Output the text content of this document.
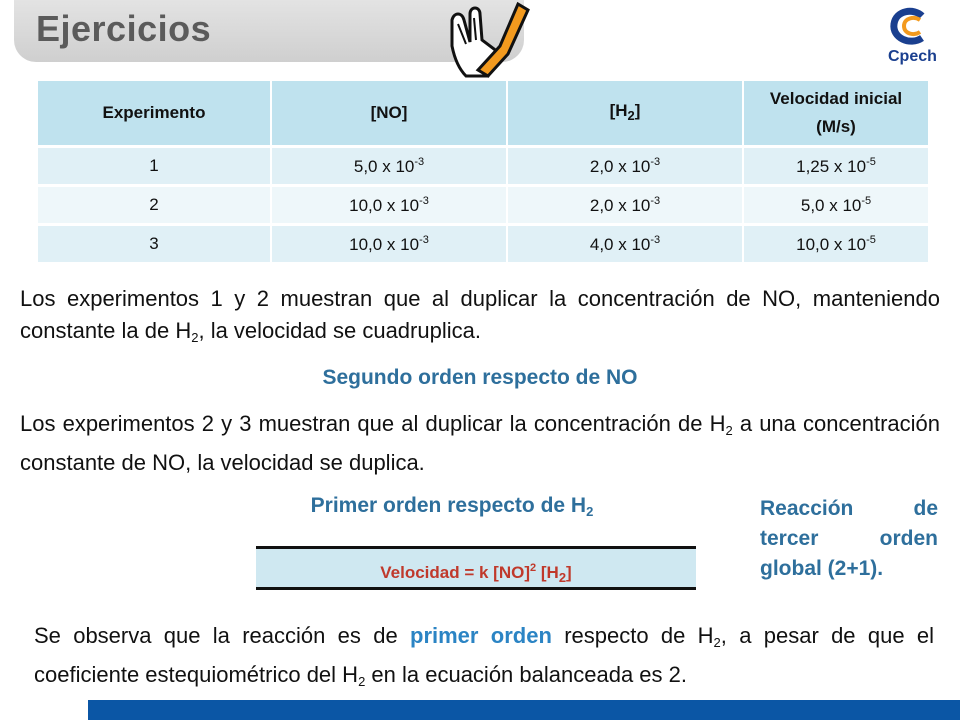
Ejercicios
Cpech
Experimento	[NO]	$[H_2]$	Velocidad inicial
(M/s)
1	5,0 x $10^{-3}$	2,0 x $10^{-3}$	1,25 x $10^{-5}$
2	10,0 x $10^{-3}$	2,0 x $10^{-3}$	5,0 x $10^{-5}$
3	10,0 x $10^{-3}$	4,0 x $10^{-3}$	10,0 x $10^{-5}$
Los experimentos 1 y 2 muestran que al duplicar la concentración de NO, manteniendo constante la de $H_2$, la velocidad se cuadruplica.
Segundo orden respecto de NO
Los experimentos 2 y 3 muestran que al duplicar la concentración de $H_2$ a una concentración constante de NO, la velocidad se duplica.
Primer orden respecto de $H_2$
Velocidad = k [NO]$^2$ $[H_2]$
Reacción de tercer orden global (2+1).
Se observa que la reacción es de primer orden respecto de $H_2$, a pesar de que el coeficiente estequiométrico del $H_2$ en la ecuación balanceada es 2.
